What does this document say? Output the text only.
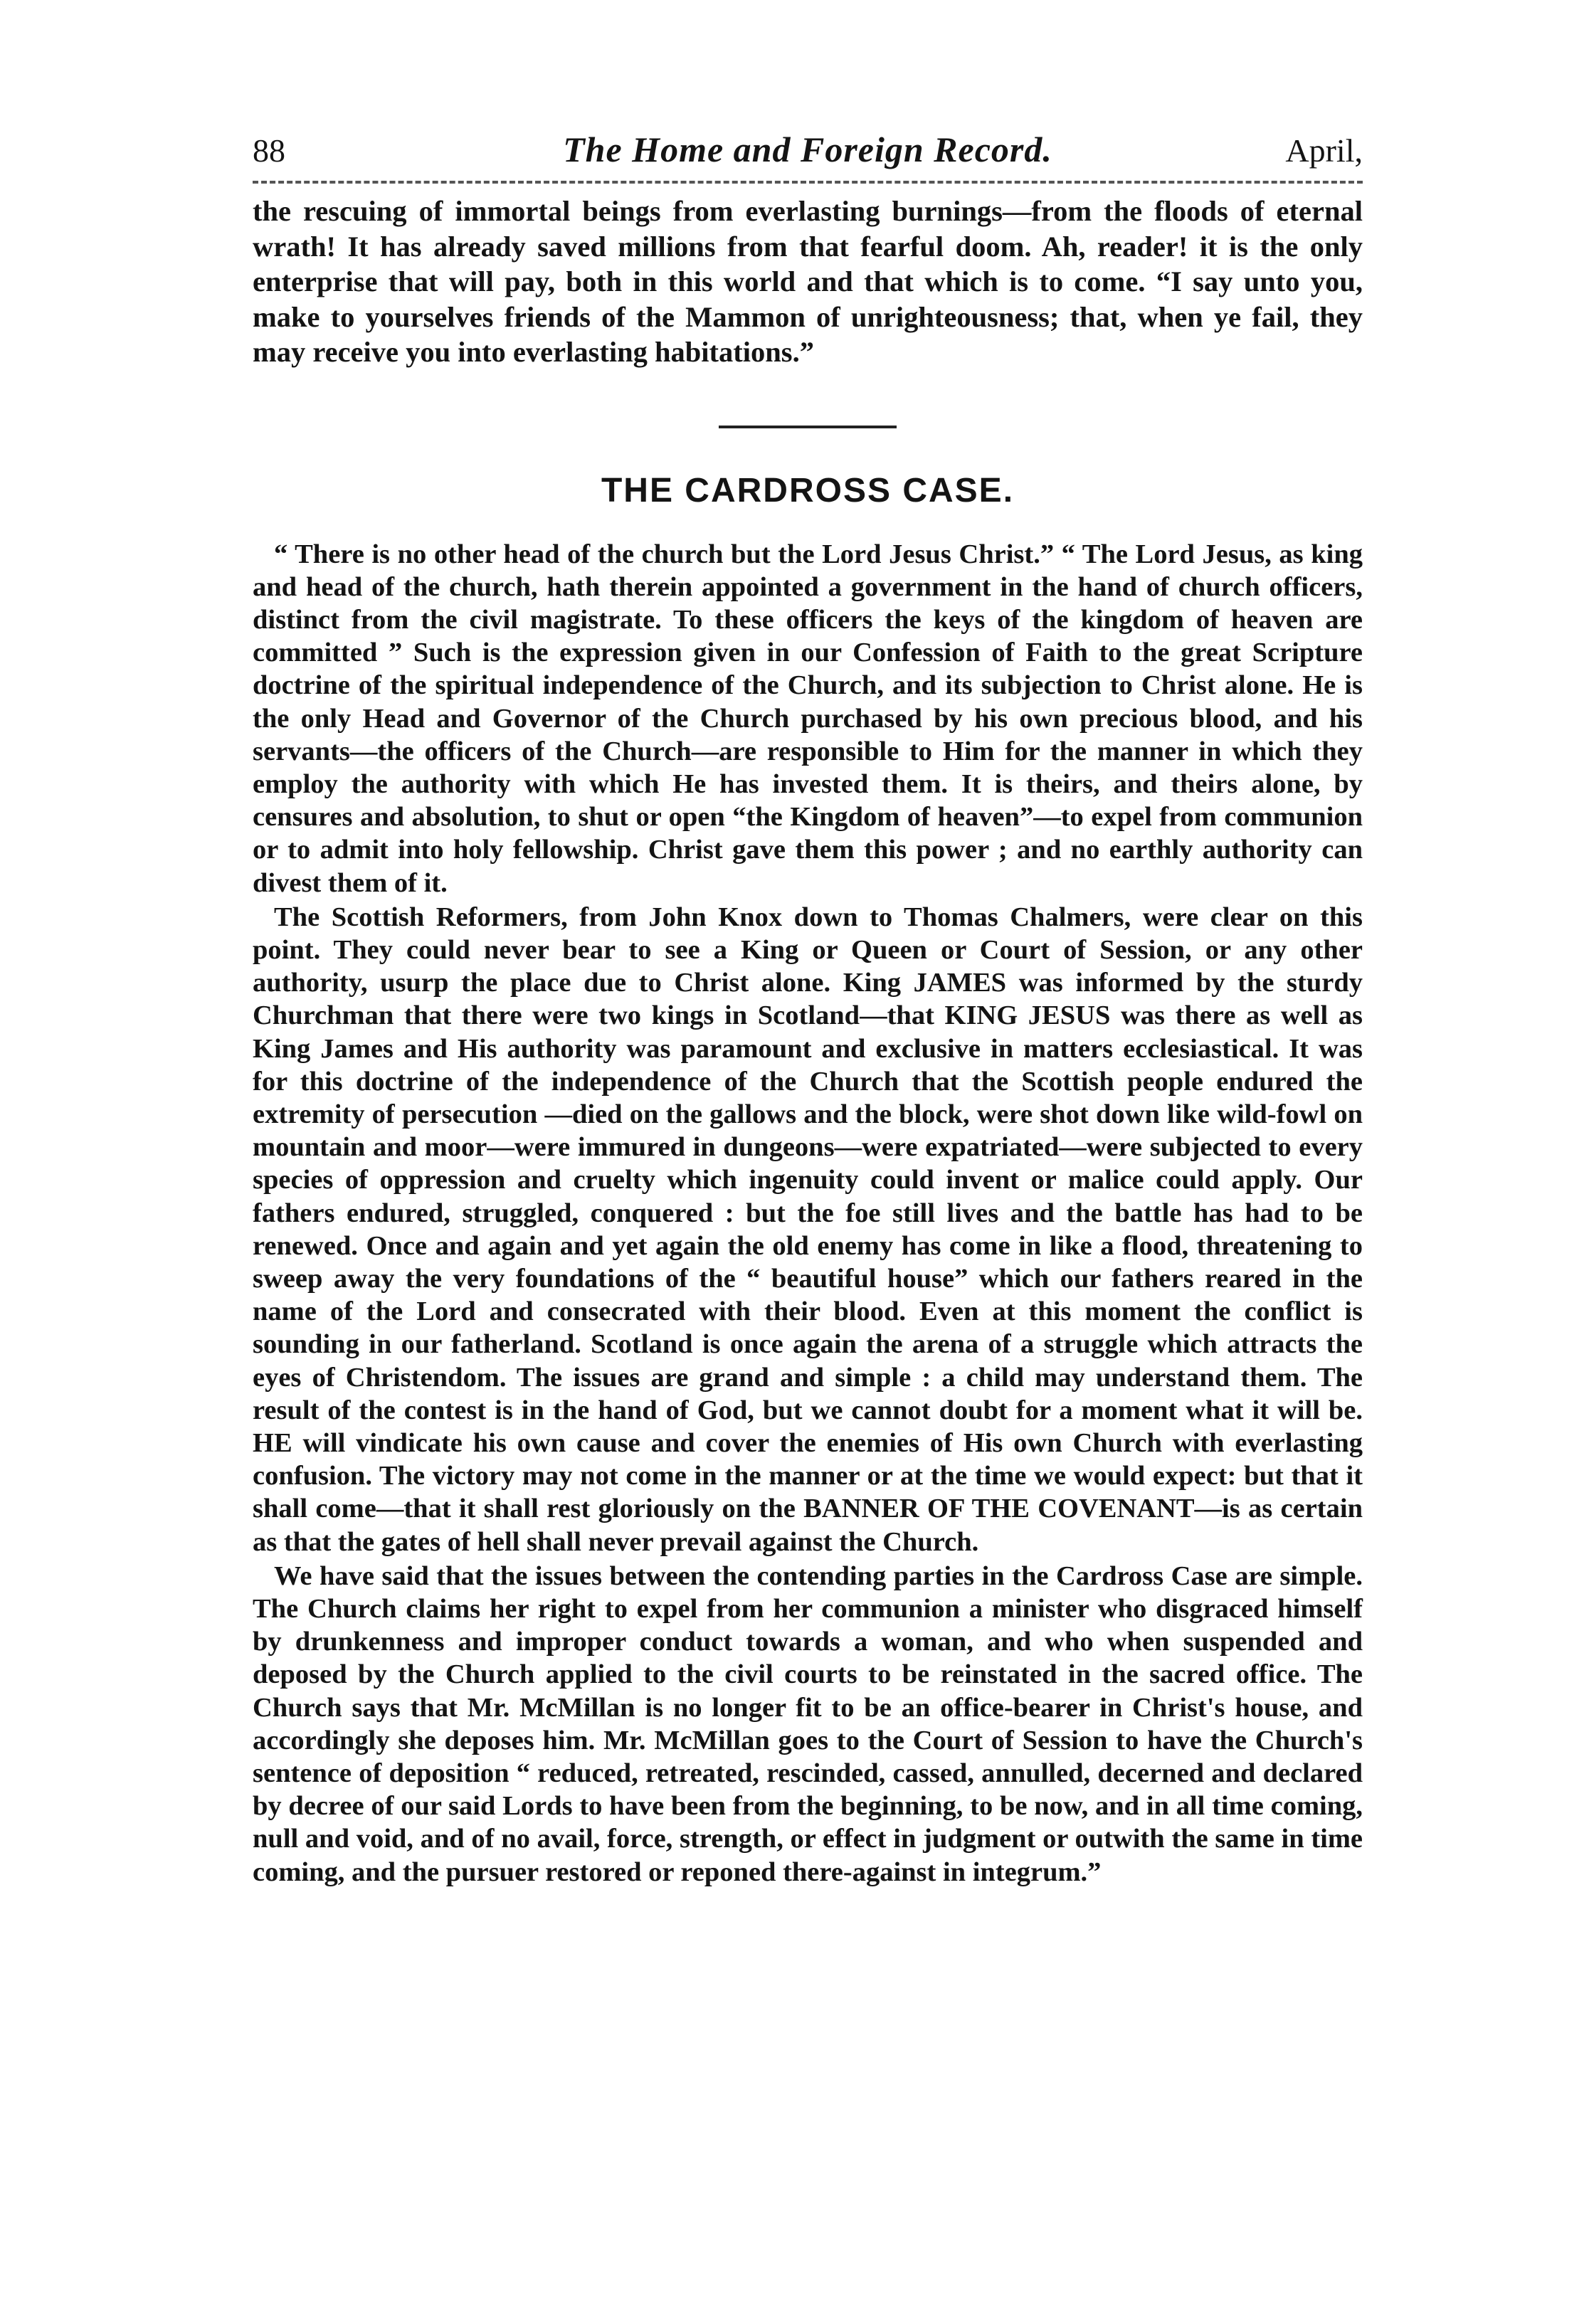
88	The Home and Foreign Record.	April,

the rescuing of immortal beings from everlasting burnings—from the floods of eternal wrath! It has already saved millions from that fearful doom. Ah, reader! it is the only enterprise that will pay, both in this world and that which is to come. “I say unto you, make to yourselves friends of the Mammon of unrighteousness; that, when ye fail, they may receive you into everlasting habitations.”

THE CARDROSS CASE.

“ There is no other head of the church but the Lord Jesus Christ.” “ The Lord Jesus, as king and head of the church, hath therein appointed a government in the hand of church officers, distinct from the civil magistrate. To these officers the keys of the kingdom of heaven are committed ” Such is the expression given in our Confession of Faith to the great Scripture doctrine of the spiritual independence of the Church, and its subjection to Christ alone. He is the only Head and Governor of the Church purchased by his own precious blood, and his servants—the officers of the Church—are responsible to Him for the manner in which they employ the authority with which He has invested them. It is theirs, and theirs alone, by censures and absolution, to shut or open “the Kingdom of heaven”—to expel from communion or to admit into holy fellowship. Christ gave them this power ; and no earthly authority can divest them of it.

The Scottish Reformers, from John Knox down to Thomas Chalmers, were clear on this point. They could never bear to see a King or Queen or Court of Session, or any other authority, usurp the place due to Christ alone. King JAMES was informed by the sturdy Churchman that there were two kings in Scotland—that KING JESUS was there as well as King James and His authority was paramount and exclusive in matters ecclesiastical. It was for this doctrine of the independence of the Church that the Scottish people endured the extremity of persecution —died on the gallows and the block, were shot down like wild-fowl on mountain and moor—were immured in dungeons—were expatriated—were subjected to every species of oppression and cruelty which ingenuity could invent or malice could apply. Our fathers endured, struggled, conquered : but the foe still lives and the battle has had to be renewed. Once and again and yet again the old enemy has come in like a flood, threatening to sweep away the very foundations of the “ beautiful house” which our fathers reared in the name of the Lord and consecrated with their blood. Even at this moment the conflict is sounding in our fatherland. Scotland is once again the arena of a struggle which attracts the eyes of Christendom. The issues are grand and simple : a child may understand them. The result of the contest is in the hand of God, but we cannot doubt for a moment what it will be. HE will vindicate his own cause and cover the enemies of His own Church with everlasting confusion. The victory may not come in the manner or at the time we would expect: but that it shall come—that it shall rest gloriously on the BANNER OF THE COVENANT—is as certain as that the gates of hell shall never prevail against the Church.

We have said that the issues between the contending parties in the Cardross Case are simple. The Church claims her right to expel from her communion a minister who disgraced himself by drunkenness and improper conduct towards a woman, and who when suspended and deposed by the Church applied to the civil courts to be reinstated in the sacred office. The Church says that Mr. McMillan is no longer fit to be an office-bearer in Christ's house, and accordingly she deposes him. Mr. McMillan goes to the Court of Session to have the Church's sentence of deposition “ reduced, retreated, rescinded, cassed, annulled, decerned and declared by decree of our said Lords to have been from the beginning, to be now, and in all time coming, null and void, and of no avail, force, strength, or effect in judgment or outwith the same in time coming, and the pursuer restored or reponed there-against in integrum.”
